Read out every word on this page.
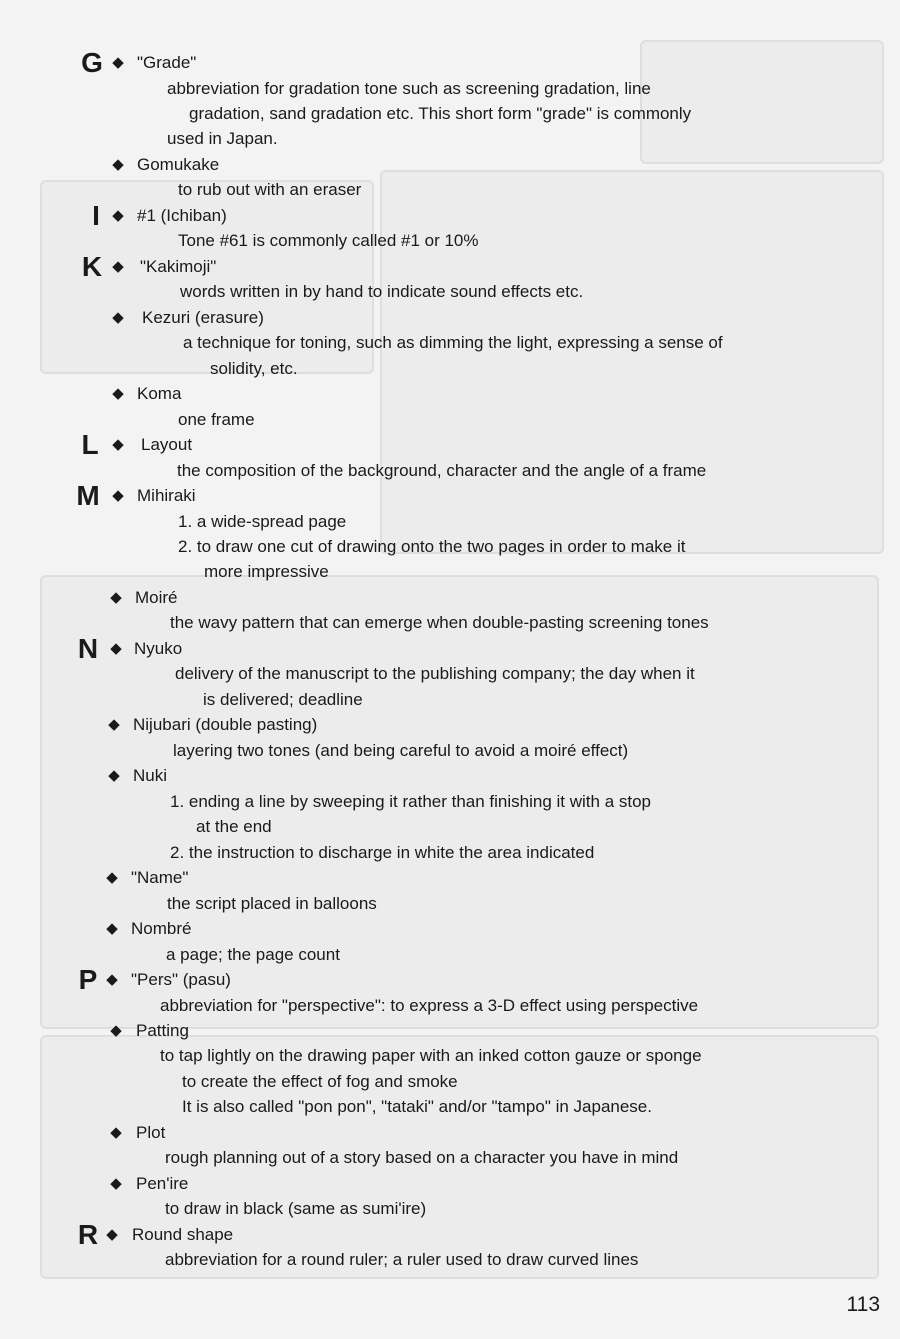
G ◆ "Grade"
abbreviation for gradation tone such as screening gradation, line
gradation, sand gradation etc. This short form "grade" is commonly
used in Japan.
◆ Gomukake
to rub out with an eraser
I ◆ #1 (Ichiban)
Tone #61 is commonly called #1 or 10%
K ◆ "Kakimoji"
words written in by hand to indicate sound effects etc.
◆ Kezuri (erasure)
a technique for toning, such as dimming the light, expressing a sense of
solidity, etc.
◆ Koma
one frame
L ◆ Layout
the composition of the background, character and the angle of a frame
M ◆ Mihiraki
1. a wide-spread page
2. to draw one cut of drawing onto the two pages in order to make it
more impressive
◆ Moiré
the wavy pattern that can emerge when double-pasting screening tones
N ◆ Nyuko
delivery of the manuscript to the publishing company; the day when it
is delivered; deadline
◆ Nijubari (double pasting)
layering two tones (and being careful to avoid a moiré effect)
◆ Nuki
1. ending a line by sweeping it rather than finishing it with a stop
at the end
2. the instruction to discharge in white the area indicated
◆ "Name"
the script placed in balloons
◆ Nombré
a page; the page count
P ◆ "Pers" (pasu)
abbreviation for "perspective": to express a 3-D effect using perspective
◆ Patting
to tap lightly on the drawing paper with an inked cotton gauze or sponge
to create the effect of fog and smoke
It is also called "pon pon", "tataki" and/or "tampo" in Japanese.
◆ Plot
rough planning out of a story based on a character you have in mind
◆ Pen'ire
to draw in black (same as sumi'ire)
R ◆ Round shape
abbreviation for a round ruler; a ruler used to draw curved lines
113
